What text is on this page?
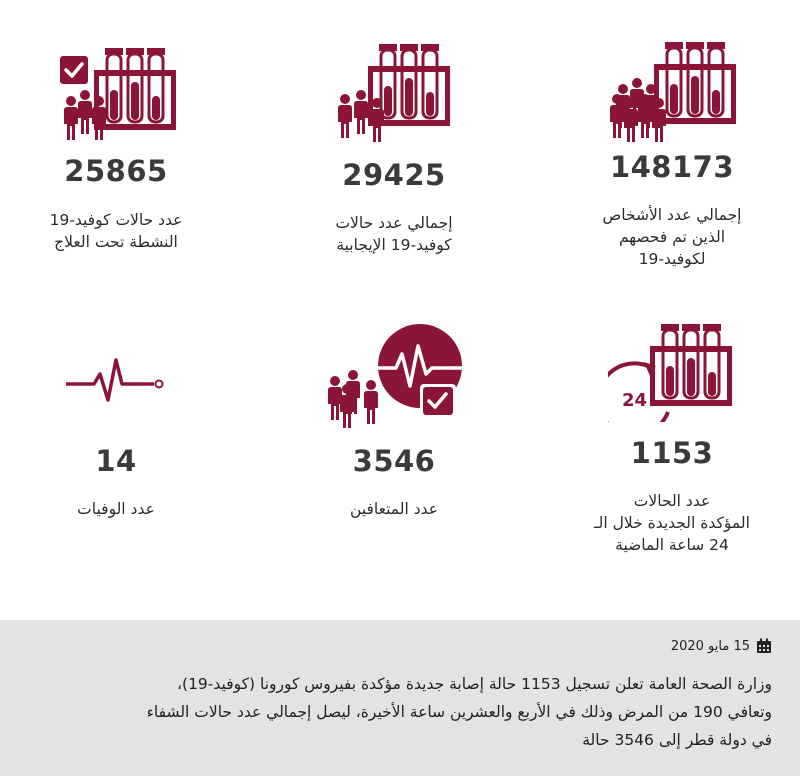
148173
إجمالي عدد الأشخاص
الذين تم فحصهم
لكوفيد-19
29425
إجمالي عدد حالات
كوفيد-19 الإيجابية
25865
عدد حالات كوفيد-19
النشطة تحت العلاج
24
1153
عدد الحالات
المؤكدة الجديدة خلال الـ
24 ساعة الماضية
3546
عدد المتعافين
14
عدد الوفيات
15 مايو 2020

وزارة الصحة العامة تعلن تسجيل 1153 حالة إصابة جديدة مؤكدة بفيروس كورونا (كوفيد-19)،

وتعافي 190 من المرض وذلك في الأربع والعشرين ساعة الأخيرة، ليصل إجمالي عدد حالات الشفاء

في دولة قطر إلى 3546 حالة
